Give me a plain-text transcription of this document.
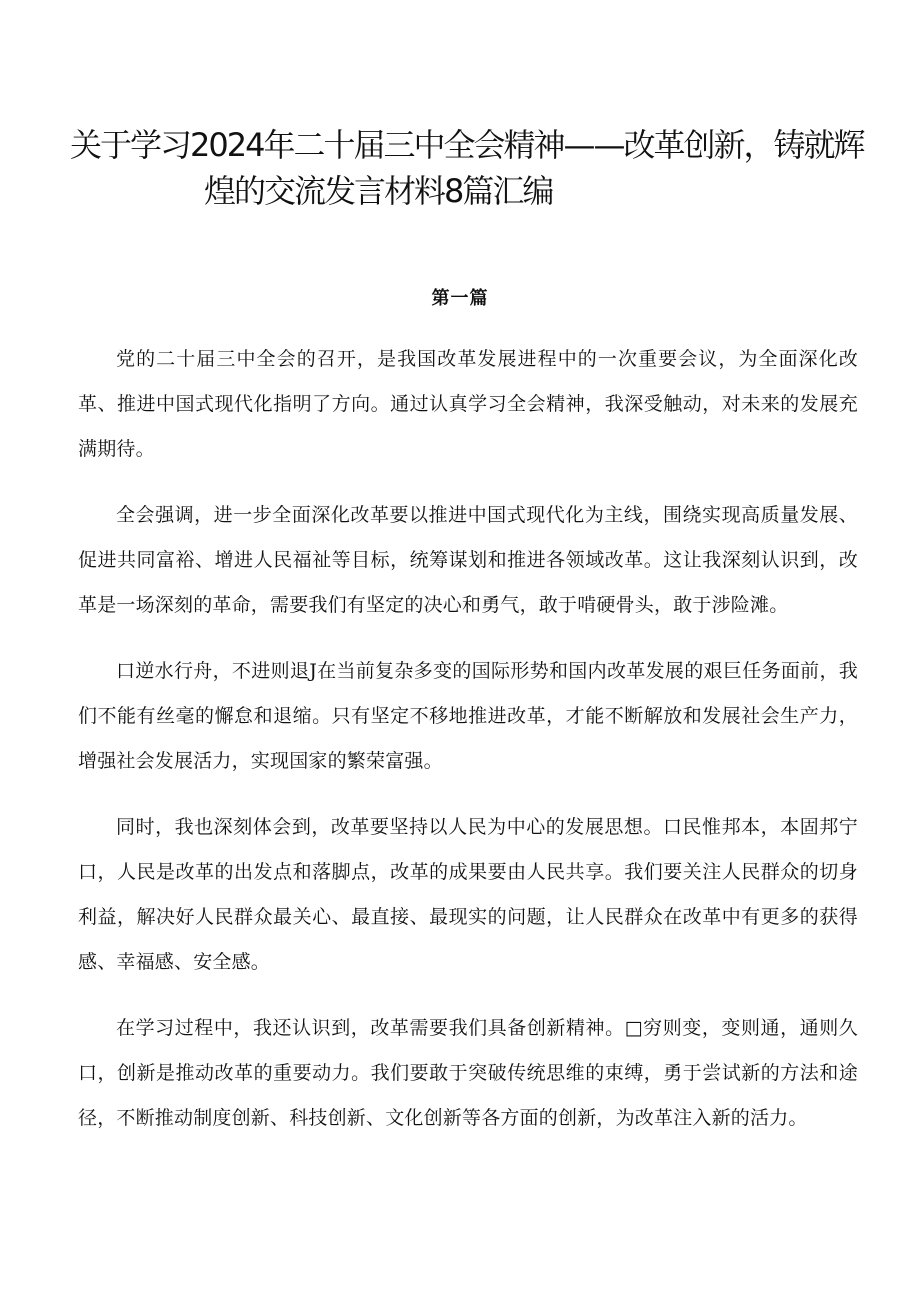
关于学习2024年二十届三中全会精神——改革创新，铸就辉
煌的交流发言材料8篇汇编
第一篇

党的二十届三中全会的召开，是我国改革发展进程中的一次重要会议，为全面深化改革、推进中国式现代化指明了方向。通过认真学习全会精神，我深受触动，对未来的发展充满期待。

全会强调，进一步全面深化改革要以推进中国式现代化为主线，围绕实现高质量发展、促进共同富裕、增进人民福祉等目标，统筹谋划和推进各领域改革。这让我深刻认识到，改革是一场深刻的革命，需要我们有坚定的决心和勇气，敢于啃硬骨头，敢于涉险滩。

口逆水行舟，不进则退J在当前复杂多变的国际形势和国内改革发展的艰巨任务面前，我们不能有丝毫的懈怠和退缩。只有坚定不移地推进改革，才能不断解放和发展社会生产力，增强社会发展活力，实现国家的繁荣富强。

同时，我也深刻体会到，改革要坚持以人民为中心的发展思想。口民惟邦本，本固邦宁口，人民是改革的出发点和落脚点，改革的成果要由人民共享。我们要关注人民群众的切身利益，解决好人民群众最关心、最直接、最现实的问题，让人民群众在改革中有更多的获得感、幸福感、安全感。

在学习过程中，我还认识到，改革需要我们具备创新精神。□穷则变，变则通，通则久口，创新是推动改革的重要动力。我们要敢于突破传统思维的束缚，勇于尝试新的方法和途径，不断推动制度创新、科技创新、文化创新等各方面的创新，为改革注入新的活力。
